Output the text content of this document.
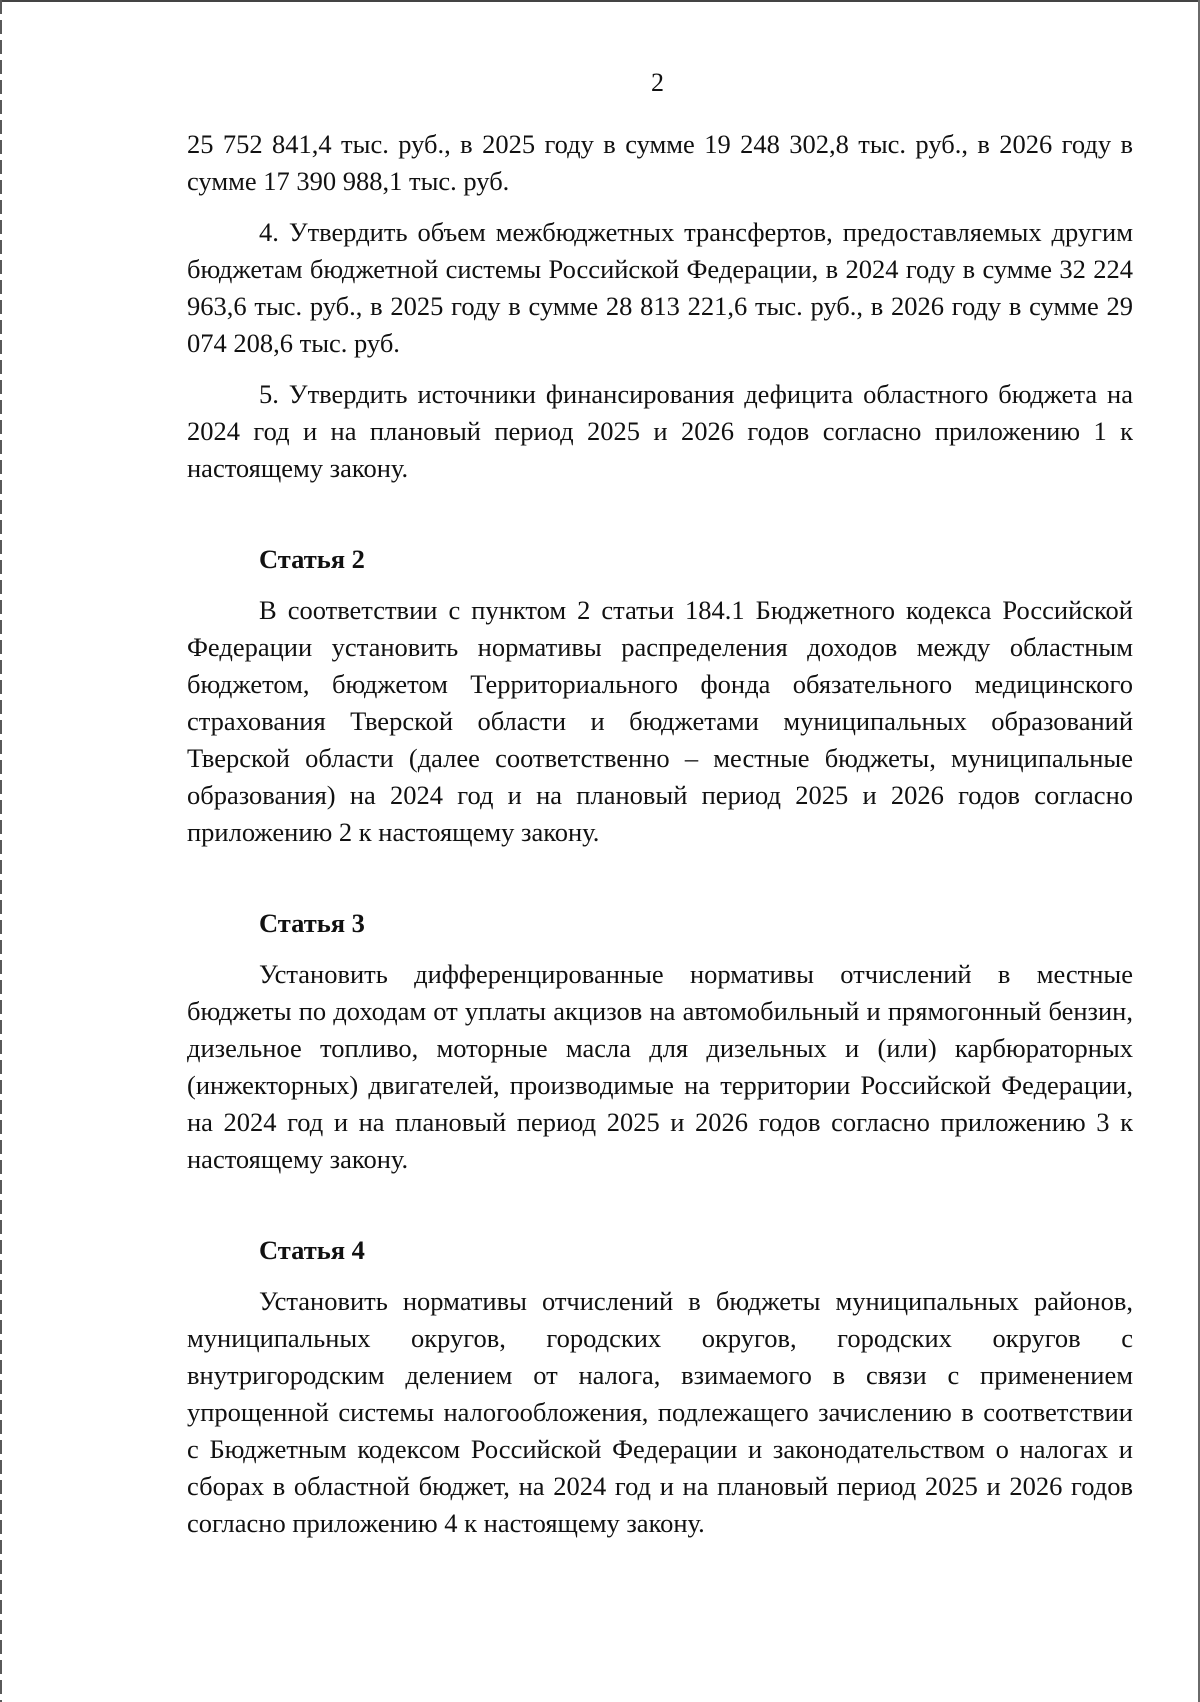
2

25 752 841,4 тыс. руб., в 2025 году в сумме 19 248 302,8 тыс. руб., в 2026 году в сумме 17 390 988,1 тыс. руб.

4. Утвердить объем межбюджетных трансфертов, предоставляемых другим бюджетам бюджетной системы Российской Федерации, в 2024 году в сумме 32 224 963,6 тыс. руб., в 2025 году в сумме 28 813 221,6 тыс. руб., в 2026 году в сумме 29 074 208,6 тыс. руб.

5. Утвердить источники финансирования дефицита областного бюджета на 2024 год и на плановый период 2025 и 2026 годов согласно приложению 1 к настоящему закону.

Статья 2

В соответствии с пунктом 2 статьи 184.1 Бюджетного кодекса Российской Федерации установить нормативы распределения доходов между областным бюджетом, бюджетом Территориального фонда обязательного медицинского страхования Тверской области и бюджетами муниципальных образований Тверской области (далее соответственно – местные бюджеты, муниципальные образования) на 2024 год и на плановый период 2025 и 2026 годов согласно приложению 2 к настоящему закону.

Статья 3

Установить дифференцированные нормативы отчислений в местные бюджеты по доходам от уплаты акцизов на автомобильный и прямогонный бензин, дизельное топливо, моторные масла для дизельных и (или) карбюраторных (инжекторных) двигателей, производимые на территории Российской Федерации, на 2024 год и на плановый период 2025 и 2026 годов согласно приложению 3 к настоящему закону.

Статья 4

Установить нормативы отчислений в бюджеты муниципальных районов, муниципальных округов, городских округов, городских округов с внутригородским делением от налога, взимаемого в связи с применением упрощенной системы налогообложения, подлежащего зачислению в соответствии с Бюджетным кодексом Российской Федерации и законодательством о налогах и сборах в областной бюджет, на 2024 год и на плановый период 2025 и 2026 годов согласно приложению 4 к настоящему закону.
